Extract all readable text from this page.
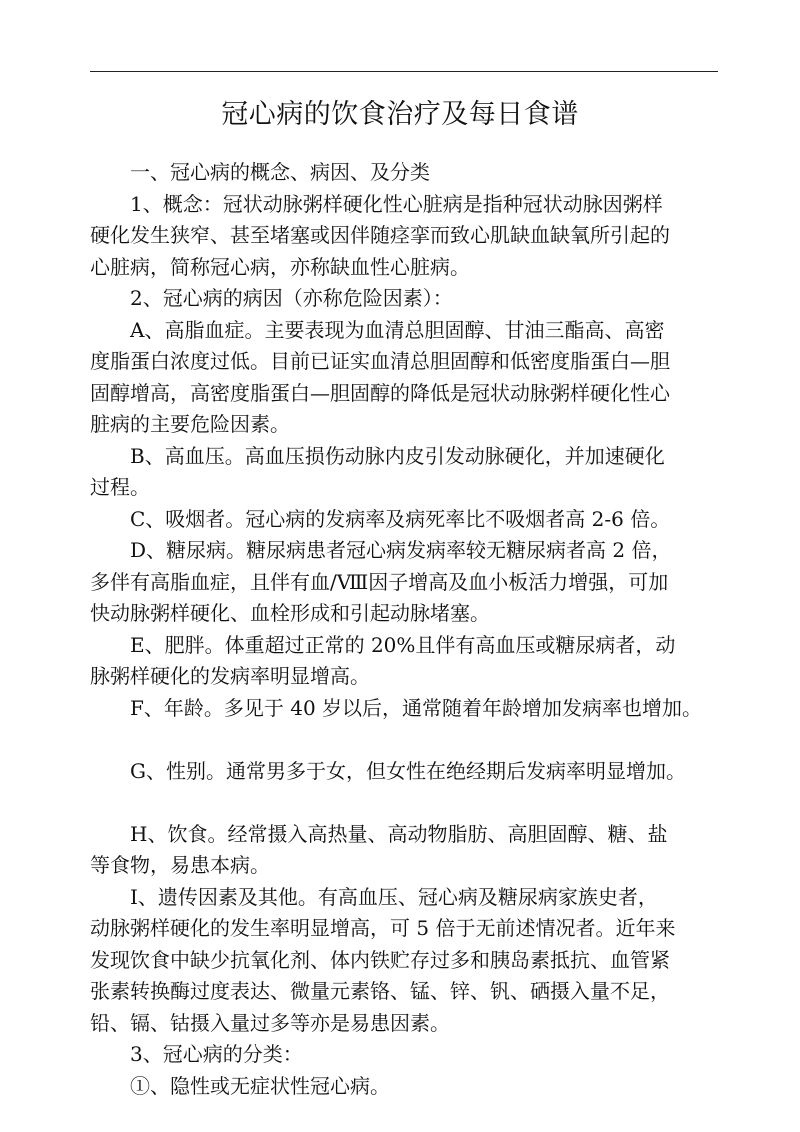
冠心病的饮食治疗及每日食谱

一、冠心病的概念、病因、及分类

1、概念：冠状动脉粥样硬化性心脏病是指种冠状动脉因粥样

硬化发生狭窄、甚至堵塞或因伴随痉挛而致心肌缺血缺氧所引起的

心脏病，简称冠心病，亦称缺血性心脏病。

2、冠心病的病因（亦称危险因素）：

A、高脂血症。主要表现为血清总胆固醇、甘油三酯高、高密

度脂蛋白浓度过低。目前已证实血清总胆固醇和低密度脂蛋白—胆

固醇增高，高密度脂蛋白—胆固醇的降低是冠状动脉粥样硬化性心

脏病的主要危险因素。

B、高血压。高血压损伤动脉内皮引发动脉硬化，并加速硬化

过程。

C、吸烟者。冠心病的发病率及病死率比不吸烟者高 2-6 倍。

D、糖尿病。糖尿病患者冠心病发病率较无糖尿病者高 2 倍，

多伴有高脂血症，且伴有血/Ⅷ因子增高及血小板活力增强，可加

快动脉粥样硬化、血栓形成和引起动脉堵塞。

E、肥胖。体重超过正常的 20%且伴有高血压或糖尿病者，动

脉粥样硬化的发病率明显增高。

F、年龄。多见于 40 岁以后，通常随着年龄增加发病率也增加。

G、性别。通常男多于女，但女性在绝经期后发病率明显增加。

H、饮食。经常摄入高热量、高动物脂肪、高胆固醇、糖、盐

等食物，易患本病。

I、遗传因素及其他。有高血压、冠心病及糖尿病家族史者，

动脉粥样硬化的发生率明显增高，可 5 倍于无前述情况者。近年来

发现饮食中缺少抗氧化剂、体内铁贮存过多和胰岛素抵抗、血管紧

张素转换酶过度表达、微量元素铬、锰、锌、钒、硒摄入量不足，

铅、镉、钴摄入量过多等亦是易患因素。

3、冠心病的分类：

①、隐性或无症状性冠心病。
